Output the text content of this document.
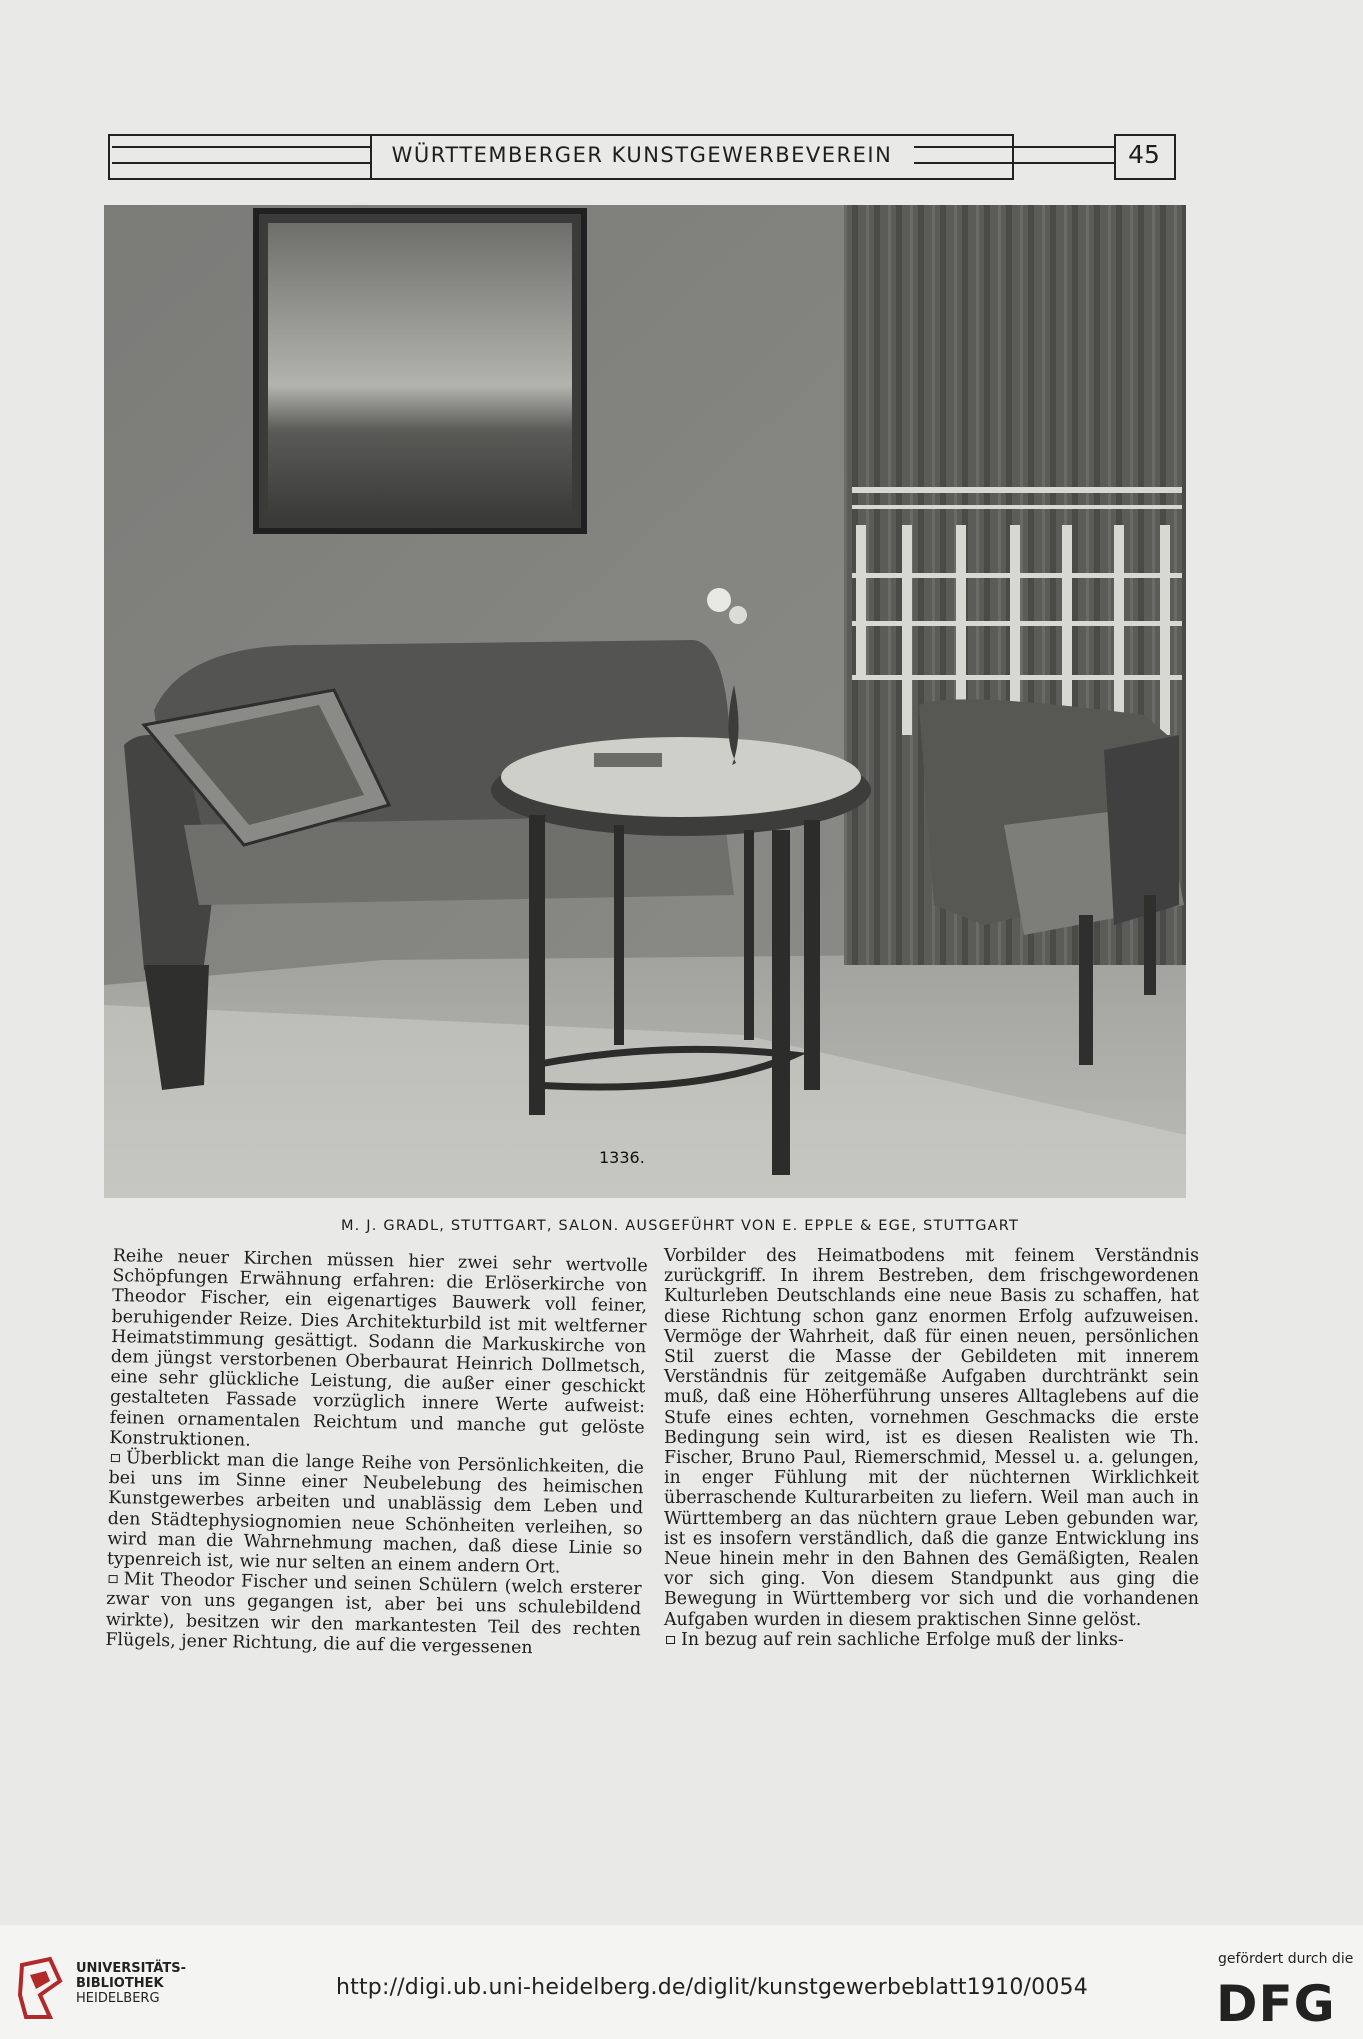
WÜRTTEMBERGER KUNSTGEWERBEVEREIN	45
1336.
M. J. GRADL, STUTTGART, SALON. AUSGEFÜHRT VON E. EPPLE & EGE, STUTTGART

Reihe neuer Kirchen müssen hier zwei sehr wertvolle Schöpfungen Erwähnung erfahren: die Erlöserkirche von Theodor Fischer, ein eigenartiges Bauwerk voll feiner, beruhigender Reize. Dies Architekturbild ist mit weltferner Heimatstimmung gesättigt. Sodann die Markuskirche von dem jüngst verstorbenen Oberbaurat Heinrich Dollmetsch, eine sehr glückliche Leistung, die außer einer geschickt gestalteten Fassade vorzüglich innere Werte aufweist: feinen ornamentalen Reichtum und manche gut gelöste Konstruktionen.

Überblickt man die lange Reihe von Persönlichkeiten, die bei uns im Sinne einer Neubelebung des heimischen Kunstgewerbes arbeiten und unablässig dem Leben und den Städtephysiognomien neue Schönheiten verleihen, so wird man die Wahrnehmung machen, daß diese Linie so typenreich ist, wie nur selten an einem andern Ort.

Mit Theodor Fischer und seinen Schülern (welch ersterer zwar von uns gegangen ist, aber bei uns schulebildend wirkte), besitzen wir den markantesten Teil des rechten Flügels, jener Richtung, die auf die vergessenen

Vorbilder des Heimatbodens mit feinem Verständnis zurückgriff. In ihrem Bestreben, dem frischgewordenen Kulturleben Deutschlands eine neue Basis zu schaffen, hat diese Richtung schon ganz enormen Erfolg aufzuweisen. Vermöge der Wahrheit, daß für einen neuen, persönlichen Stil zuerst die Masse der Gebildeten mit innerem Verständnis für zeitgemäße Aufgaben durchtränkt sein muß, daß eine Höherführung unseres Alltaglebens auf die Stufe eines echten, vornehmen Geschmacks die erste Bedingung sein wird, ist es diesen Realisten wie Th. Fischer, Bruno Paul, Riemerschmid, Messel u. a. gelungen, in enger Fühlung mit der nüchternen Wirklichkeit überraschende Kulturarbeiten zu liefern. Weil man auch in Württemberg an das nüchtern graue Leben gebunden war, ist es insofern verständlich, daß die ganze Entwicklung ins Neue hinein mehr in den Bahnen des Gemäßigten, Realen vor sich ging. Von diesem Standpunkt aus ging die Bewegung in Württemberg vor sich und die vorhandenen Aufgaben wurden in diesem praktischen Sinne gelöst.

In bezug auf rein sachliche Erfolge muß der links-

UNIVERSITÄTS-
BIBLIOTHEK
HEIDELBERG	http://digi.ub.uni-heidelberg.de/diglit/kunstgewerbeblatt1910/0054
gefördert durch die
DFG
